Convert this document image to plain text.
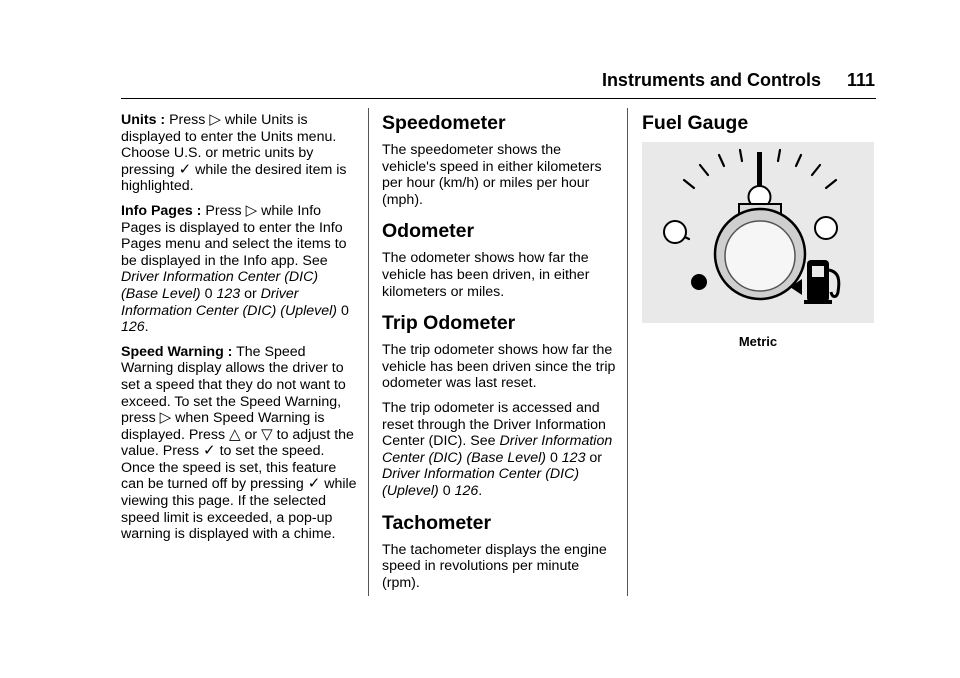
Instruments and Controls 111

Units : Press ▷ while Units is displayed to enter the Units menu. Choose U.S. or metric units by pressing ✓ while the desired item is highlighted.

Info Pages : Press ▷ while Info Pages is displayed to enter the Info Pages menu and select the items to be displayed in the Info app. See Driver Information Center (DIC) (Base Level) 0 123 or Driver Information Center (DIC) (Uplevel) 0 126.

Speed Warning : The Speed Warning display allows the driver to set a speed that they do not want to exceed. To set the Speed Warning, press ▷ when Speed Warning is displayed. Press △ or ▽ to adjust the value. Press ✓ to set the speed. Once the speed is set, this feature can be turned off by pressing ✓ while viewing this page. If the selected speed limit is exceeded, a pop-up warning is displayed with a chime.

Speedometer

The speedometer shows the vehicle's speed in either kilometers per hour (km/h) or miles per hour (mph).

Odometer

The odometer shows how far the vehicle has been driven, in either kilometers or miles.

Trip Odometer

The trip odometer shows how far the vehicle has been driven since the trip odometer was last reset.

The trip odometer is accessed and reset through the Driver Information Center (DIC). See Driver Information Center (DIC) (Base Level) 0 123 or Driver Information Center (DIC) (Uplevel) 0 126.

Tachometer

The tachometer displays the engine speed in revolutions per minute (rpm).

Fuel Gauge
Metric
